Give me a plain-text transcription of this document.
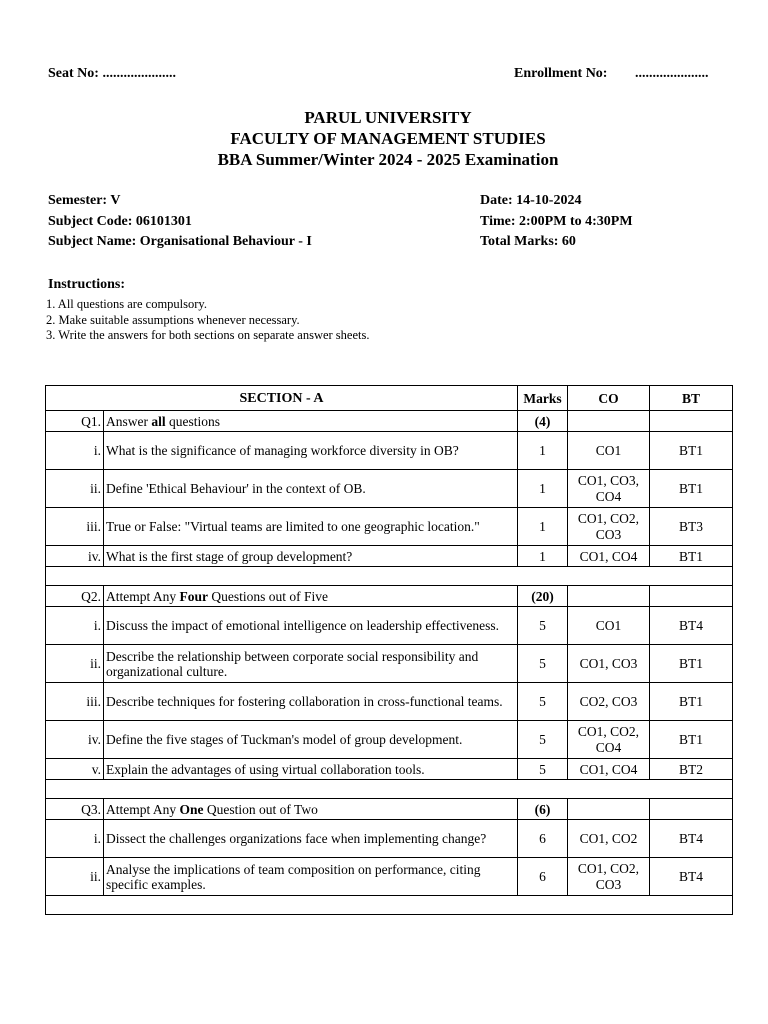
Seat No: .....................	Enrollment No: .....................
PARUL UNIVERSITY
FACULTY OF MANAGEMENT STUDIES
BBA Summer/Winter 2024 - 2025 Examination
Semester: V
Subject Code: 06101301
Subject Name: Organisational Behaviour - I
Date: 14-10-2024
Time: 2:00PM to 4:30PM
Total Marks: 60
Instructions:
1. All questions are compulsory.
2. Make suitable assumptions whenever necessary.
3. Write the answers for both sections on separate answer sheets.
SECTION - A		Marks	CO	BT
Q1.	Answer all questions	(4)		
i.	What is the significance of managing workforce diversity in OB?	1	CO1	BT1
ii.	Define 'Ethical Behaviour' in the context of OB.	1	CO1, CO3, CO4	BT1
iii.	True or False: "Virtual teams are limited to one geographic location."	1	CO1, CO2, CO3	BT3
iv.	What is the first stage of group development?	1	CO1, CO4	BT1

Q2.	Attempt Any Four Questions out of Five	(20)		
i.	Discuss the impact of emotional intelligence on leadership effectiveness.	5	CO1	BT4
ii.	Describe the relationship between corporate social responsibility and organizational culture.	5	CO1, CO3	BT1
iii.	Describe techniques for fostering collaboration in cross-functional teams.	5	CO2, CO3	BT1
iv.	Define the five stages of Tuckman's model of group development.	5	CO1, CO2, CO4	BT1
v.	Explain the advantages of using virtual collaboration tools.	5	CO1, CO4	BT2

Q3.	Attempt Any One Question out of Two	(6)		
i.	Dissect the challenges organizations face when implementing change?	6	CO1, CO2	BT4
ii.	Analyse the implications of team composition on performance, citing specific examples.	6	CO1, CO2, CO3	BT4
